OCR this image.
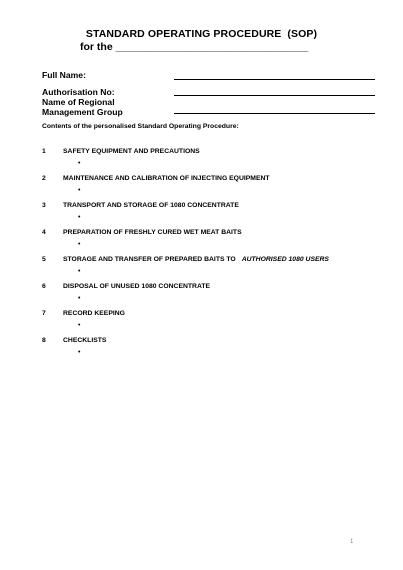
STANDARD OPERATING PROCEDURE (SOP)
for the _________________________________
Full Name:
Authorisation No:
Name of Regional
Management Group
Contents of the personalised Standard Operating Procedure:
1	SAFETY EQUIPMENT AND PRECAUTIONS
•
2	MAINTENANCE AND CALIBRATION OF INJECTING EQUIPMENT
•
3	TRANSPORT AND STORAGE OF 1080 CONCENTRATE
•
4	PREPARATION OF FRESHLY CURED WET MEAT BAITS
•
5	STORAGE AND TRANSFER OF PREPARED BAITS TO AUTHORISED 1080 USERS
•
6	DISPOSAL OF UNUSED 1080 CONCENTRATE
•
7	RECORD KEEPING
•
8	CHECKLISTS
•
1
